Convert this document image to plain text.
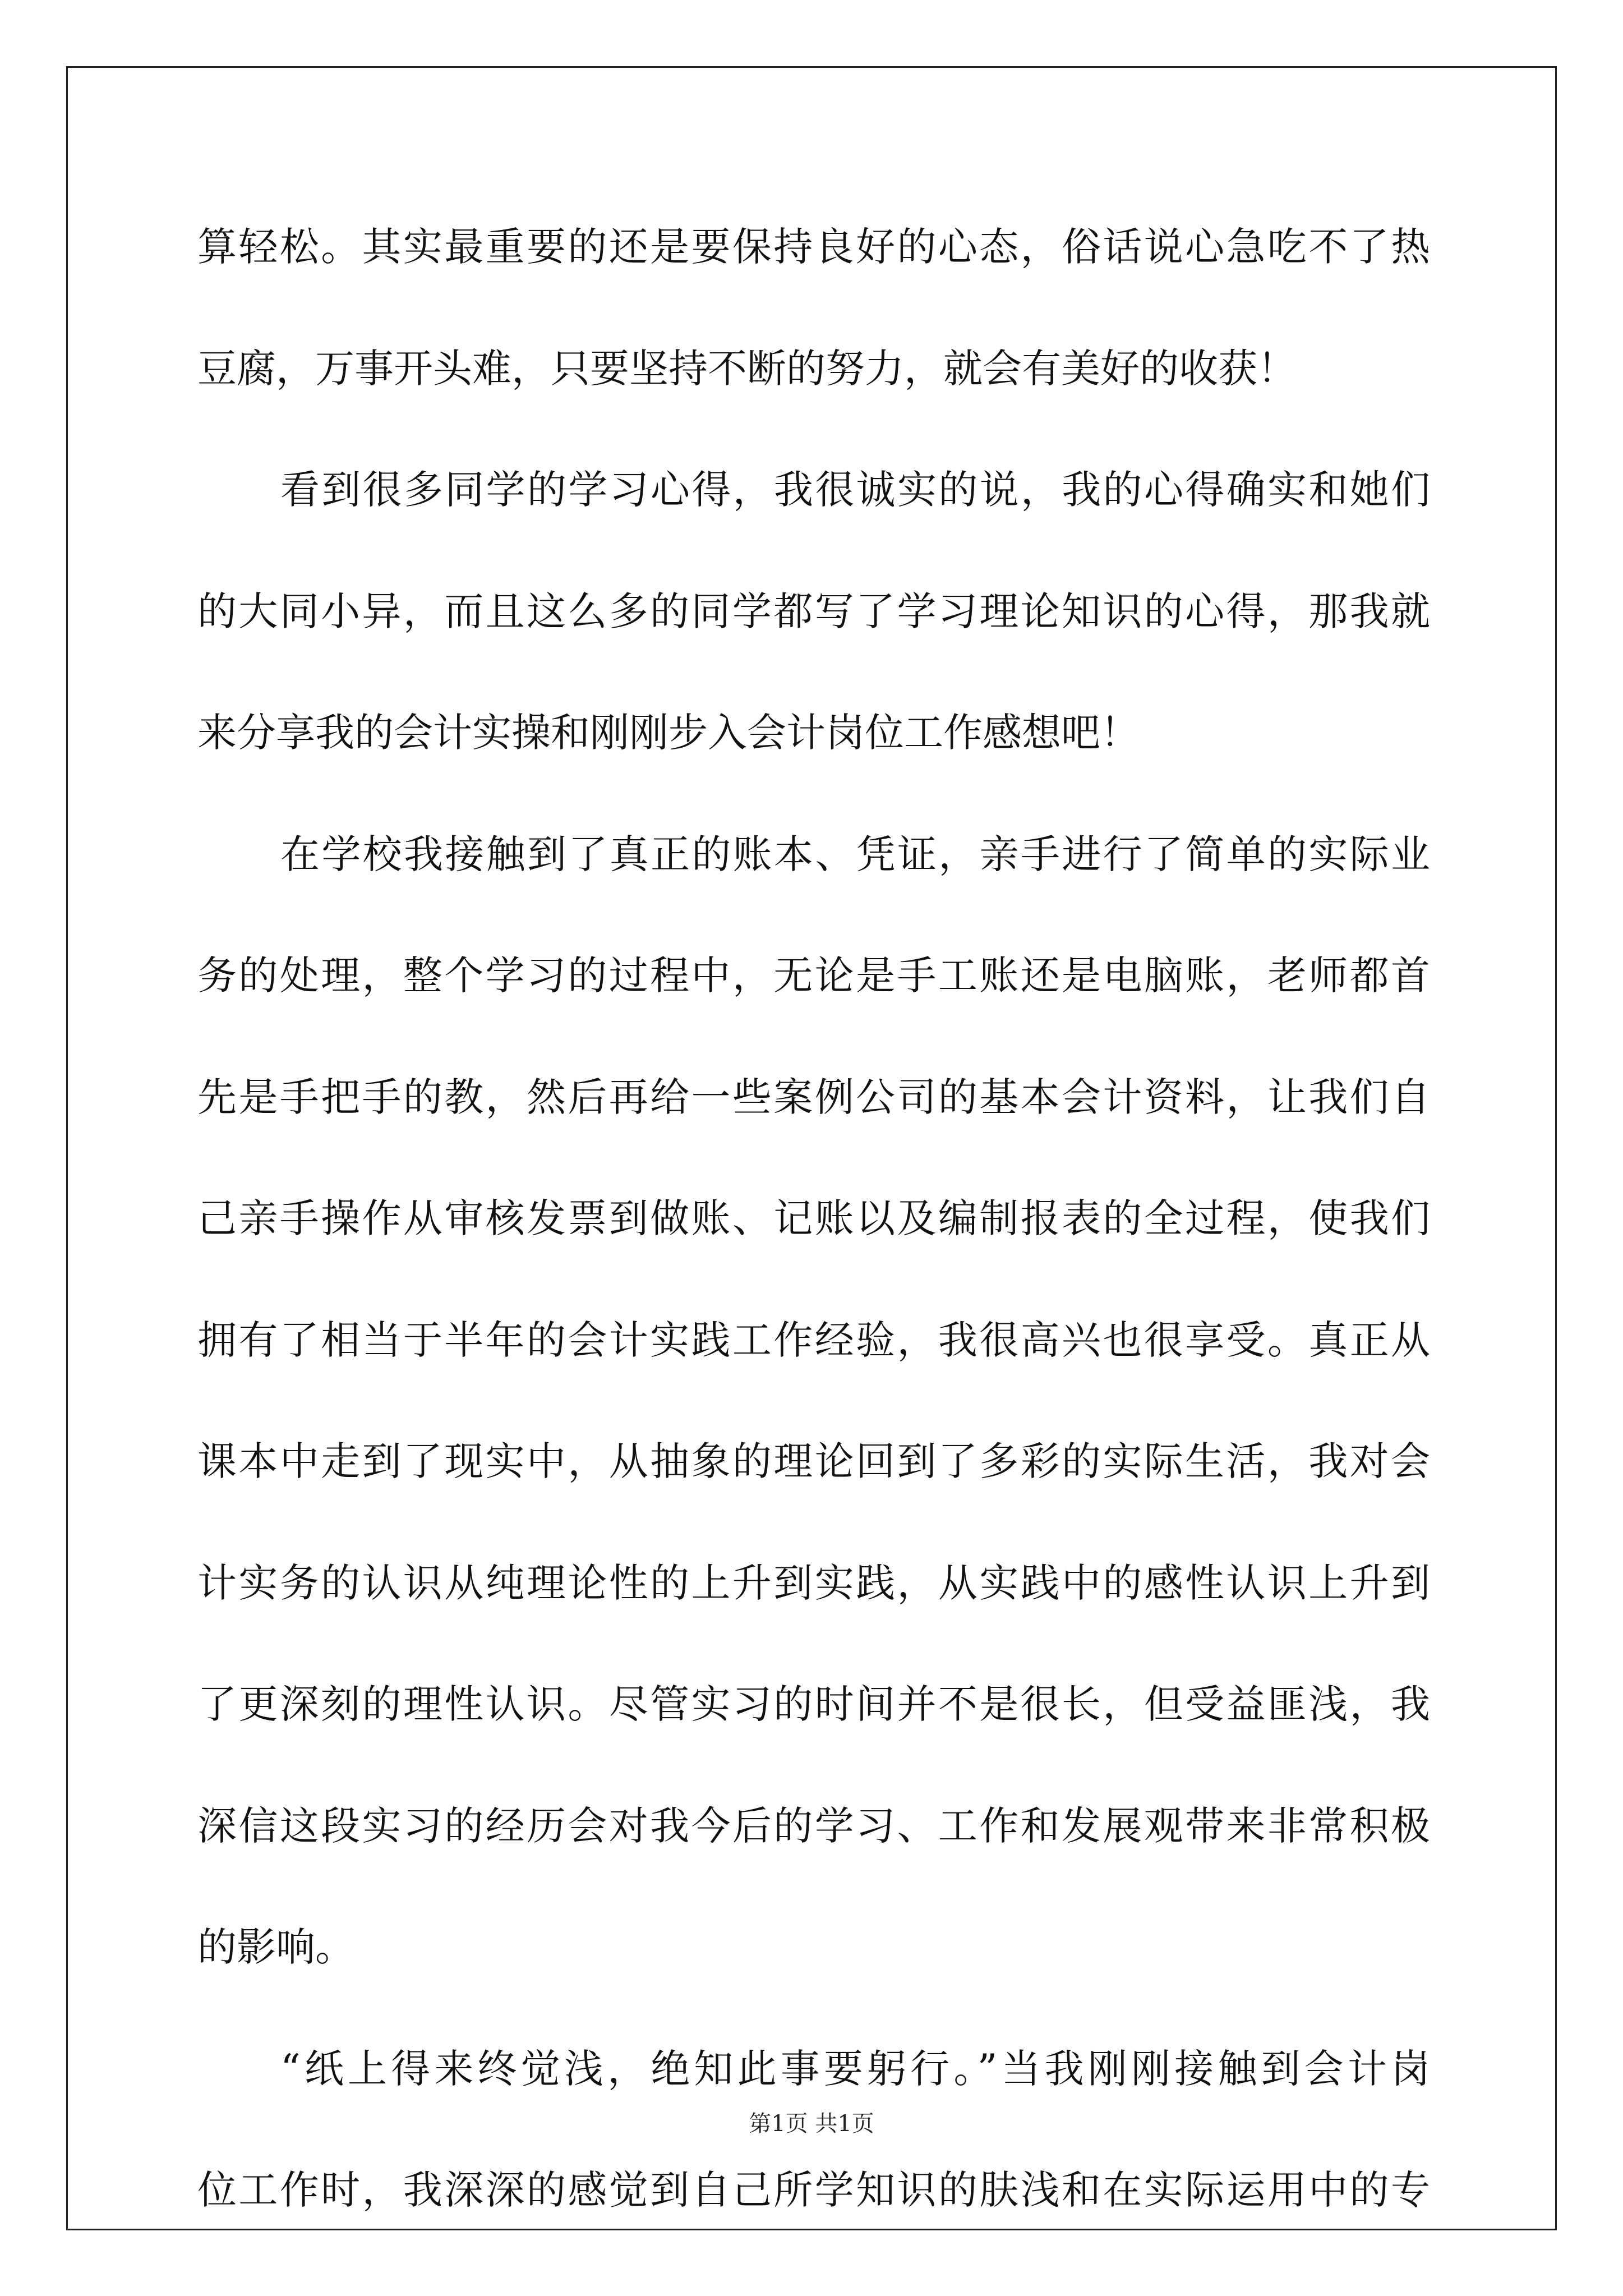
算轻松。其实最重要的还是要保持良好的心态，俗话说心急吃不了热
豆腐，万事开头难，只要坚持不断的努力，就会有美好的收获！
看到很多同学的学习心得，我很诚实的说，我的心得确实和她们
的大同小异，而且这么多的同学都写了学习理论知识的心得，那我就
来分享我的会计实操和刚刚步入会计岗位工作感想吧！
在学校我接触到了真正的账本、凭证，亲手进行了简单的实际业
务的处理，整个学习的过程中，无论是手工账还是电脑账，老师都首
先是手把手的教，然后再给一些案例公司的基本会计资料，让我们自
己亲手操作从审核发票到做账、记账以及编制报表的全过程，使我们
拥有了相当于半年的会计实践工作经验，我很高兴也很享受。真正从
课本中走到了现实中，从抽象的理论回到了多彩的实际生活，我对会
计实务的认识从纯理论性的上升到实践，从实践中的感性认识上升到
了更深刻的理性认识。尽管实习的时间并不是很长，但受益匪浅，我
深信这段实习的经历会对我今后的学习、工作和发展观带来非常积极
的影响。
“纸上得来终觉浅，绝知此事要躬行。”当我刚刚接触到会计岗
位工作时，我深深的感觉到自己所学知识的肤浅和在实际运用中的专
第1页 共1页
